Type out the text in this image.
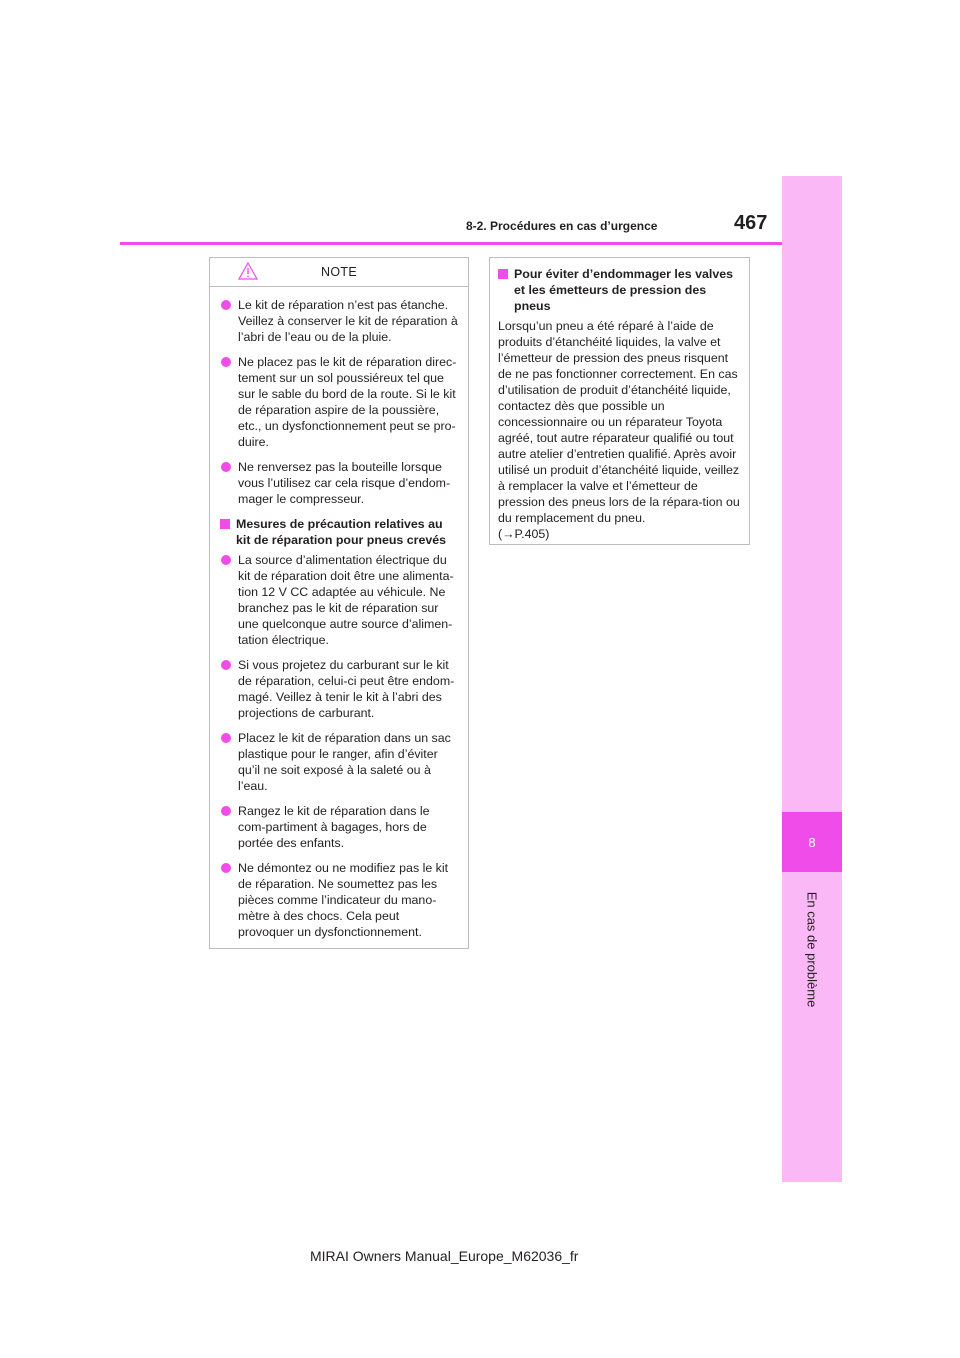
8
En cas de problème
8-2. Procédures en cas d’urgence	467
NOTE
Le kit de réparation n’est pas étanche. Veillez à conserver le kit de réparation à l’abri de l’eau ou de la pluie.
Ne placez pas le kit de réparation direc-tement sur un sol poussiéreux tel que sur le sable du bord de la route. Si le kit de réparation aspire de la poussière, etc., un dysfonctionnement peut se pro-duire.
Ne renversez pas la bouteille lorsque vous l’utilisez car cela risque d’endom-mager le compresseur.
Mesures de précaution relatives au kit de réparation pour pneus crevés
La source d’alimentation électrique du kit de réparation doit être une alimenta-tion 12 V CC adaptée au véhicule. Ne branchez pas le kit de réparation sur une quelconque autre source d’alimen-tation électrique.
Si vous projetez du carburant sur le kit de réparation, celui-ci peut être endom-magé. Veillez à tenir le kit à l’abri des projections de carburant.
Placez le kit de réparation dans un sac plastique pour le ranger, afin d’éviter qu’il ne soit exposé à la saleté ou à l’eau.
Rangez le kit de réparation dans le com-partiment à bagages, hors de portée des enfants.
Ne démontez ou ne modifiez pas le kit de réparation. Ne soumettez pas les pièces comme l’indicateur du mano-mètre à des chocs. Cela peut provoquer un dysfonctionnement.
Pour éviter d’endommager les valves et les émetteurs de pression des pneus
Lorsqu’un pneu a été réparé à l’aide de produits d’étanchéité liquides, la valve et l’émetteur de pression des pneus risquent de ne pas fonctionner correctement. En cas d’utilisation de produit d’étanchéité liquide, contactez dès que possible un concessionnaire ou un réparateur Toyota agréé, tout autre réparateur qualifié ou tout autre atelier d’entretien qualifié. Après avoir utilisé un produit d’étanchéité liquide, veillez à remplacer la valve et l’émetteur de pression des pneus lors de la répara-tion ou du remplacement du pneu.
(→P.405)
MIRAI Owners Manual_Europe_M62036_fr
